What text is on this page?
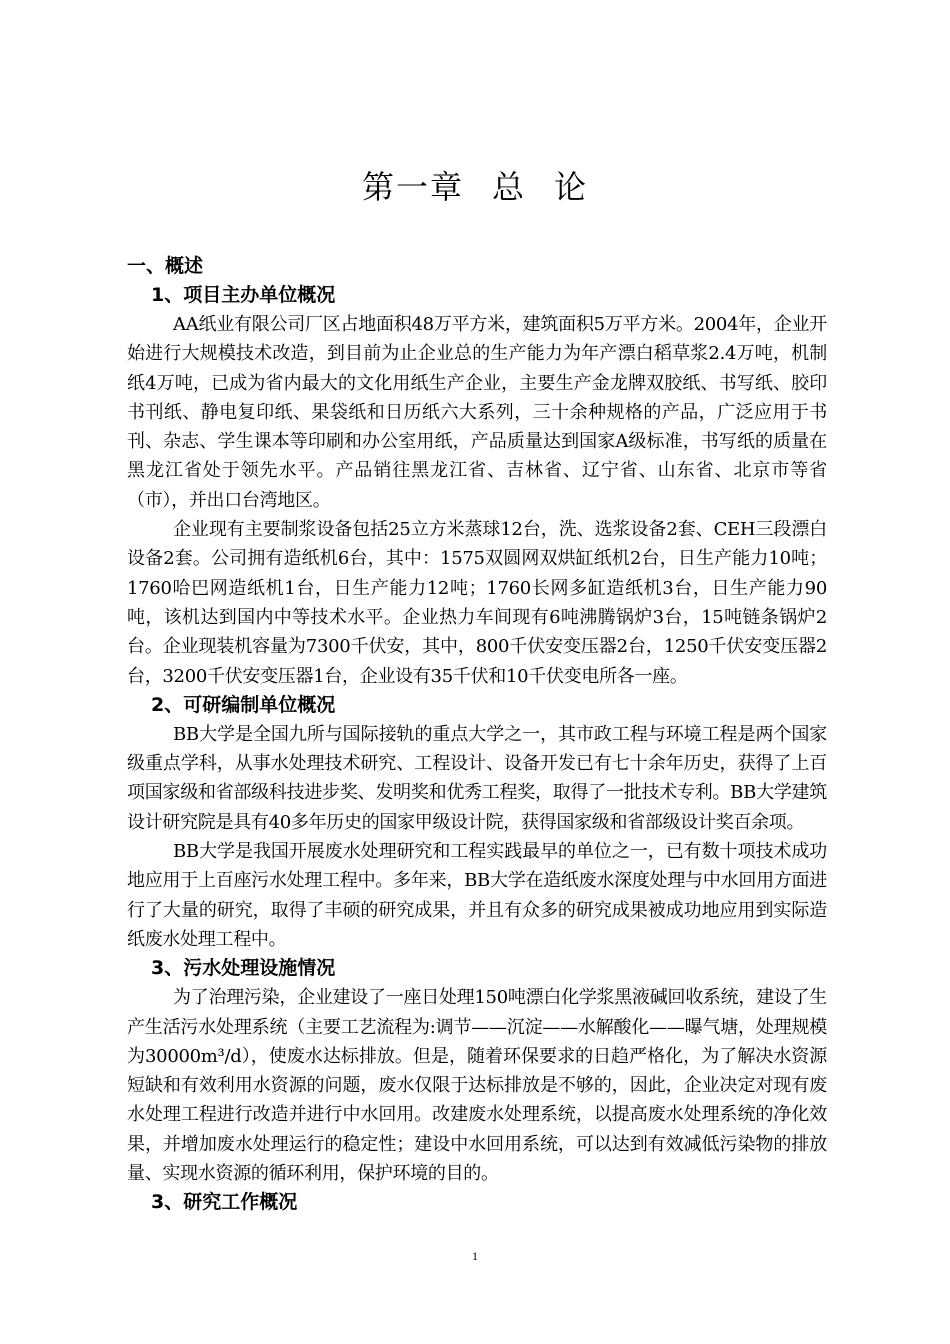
第一章 总 论
一、概述
1、项目主办单位概况
AA纸业有限公司厂区占地面积48万平方米，建筑面积5万平方米。2004年，企业开始进行大规模技术改造，到目前为止企业总的生产能力为年产漂白稻草浆2.4万吨，机制纸4万吨，已成为省内最大的文化用纸生产企业，主要生产金龙牌双胶纸、书写纸、胶印书刊纸、静电复印纸、果袋纸和日历纸六大系列，三十余种规格的产品，广泛应用于书刊、杂志、学生课本等印刷和办公室用纸，产品质量达到国家A级标准，书写纸的质量在黑龙江省处于领先水平。产品销往黑龙江省、吉林省、辽宁省、山东省、北京市等省（市），并出口台湾地区。
企业现有主要制浆设备包括25立方米蒸球12台，洗、选浆设备2套、CEH三段漂白设备2套。公司拥有造纸机6台，其中：1575双圆网双烘缸纸机2台，日生产能力10吨；1760哈巴网造纸机1台，日生产能力12吨；1760长网多缸造纸机3台，日生产能力90吨，该机达到国内中等技术水平。企业热力车间现有6吨沸腾锅炉3台，15吨链条锅炉2台。企业现装机容量为7300千伏安，其中，800千伏安变压器2台，1250千伏安变压器2台，3200千伏安变压器1台，企业设有35千伏和10千伏变电所各一座。
2、可研编制单位概况
BB大学是全国九所与国际接轨的重点大学之一，其市政工程与环境工程是两个国家级重点学科，从事水处理技术研究、工程设计、设备开发已有七十余年历史，获得了上百项国家级和省部级科技进步奖、发明奖和优秀工程奖，取得了一批技术专利。BB大学建筑设计研究院是具有40多年历史的国家甲级设计院，获得国家级和省部级设计奖百余项。
BB大学是我国开展废水处理研究和工程实践最早的单位之一，已有数十项技术成功地应用于上百座污水处理工程中。多年来，BB大学在造纸废水深度处理与中水回用方面进行了大量的研究，取得了丰硕的研究成果，并且有众多的研究成果被成功地应用到实际造纸废水处理工程中。
3、污水处理设施情况
为了治理污染，企业建设了一座日处理150吨漂白化学浆黑液碱回收系统，建设了生产生活污水处理系统（主要工艺流程为:调节——沉淀——水解酸化——曝气塘，处理规模为30000m³/d），使废水达标排放。但是，随着环保要求的日趋严格化，为了解决水资源短缺和有效利用水资源的问题，废水仅限于达标排放是不够的，因此，企业决定对现有废水处理工程进行改造并进行中水回用。改建废水处理系统，以提高废水处理系统的净化效果，并增加废水处理运行的稳定性；建设中水回用系统，可以达到有效减低污染物的排放量、实现水资源的循环利用，保护环境的目的。
3、研究工作概况
1
